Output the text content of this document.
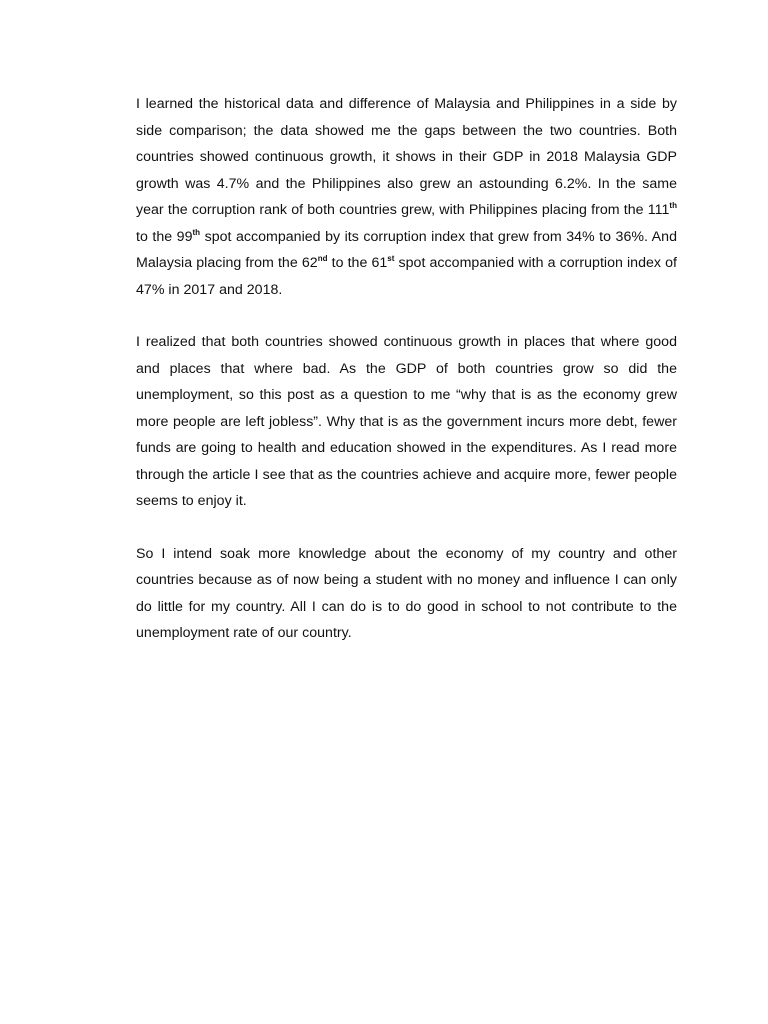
I learned the historical data and difference of Malaysia and Philippines in a side by side comparison; the data showed me the gaps between the two countries. Both countries showed continuous growth, it shows in their GDP in 2018 Malaysia GDP growth was 4.7% and the Philippines also grew an astounding 6.2%. In the same year the corruption rank of both countries grew, with Philippines placing from the 111th to the 99th spot accompanied by its corruption index that grew from 34% to 36%. And Malaysia placing from the 62nd to the 61st spot accompanied with a corruption index of 47% in 2017 and 2018.

I realized that both countries showed continuous growth in places that where good and places that where bad. As the GDP of both countries grow so did the unemployment, so this post as a question to me “why that is as the economy grew more people are left jobless”. Why that is as the government incurs more debt, fewer funds are going to health and education showed in the expenditures. As I read more through the article I see that as the countries achieve and acquire more, fewer people seems to enjoy it.

So I intend soak more knowledge about the economy of my country and other countries because as of now being a student with no money and influence I can only do little for my country. All I can do is to do good in school to not contribute to the unemployment rate of our country.
